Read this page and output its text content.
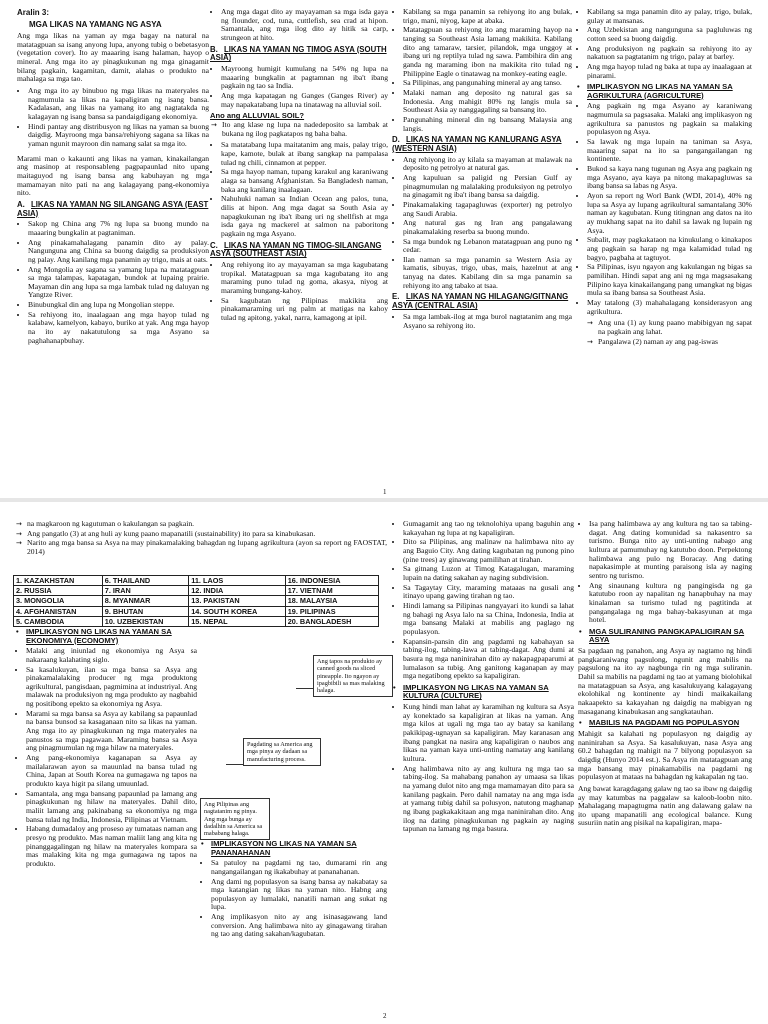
Aralin 3:
MGA LIKAS NA YAMANG NG ASYA

Ang mga likas na yaman ay mga bagay na natural na matatagpuan sa isang anyong lupa, anyong tubig o bebetasyon (vegetation cover). Ito ay maaaring isang halaman, hayop o mineral. Ang mga ito ay pinagkukunan ng mga ginagamit bilang pagkain, kagamitan, damit, alahas o produkto na mahalaga sa mga tao.

• Ang mga ito ay binubuo ng mga likas na materyales na nagmumula sa likas na kapaligiran ng isang bansa. Kadalasan, ang likas na yamang ito ang nagtatakda ng kalagayan ng isang bansa sa pandaigdigang ekonomiya.
• Hindi pantay ang distribusyon ng likas na yaman sa buong daigdig. Mayroong mga bansa/rehiyong sagana sa likas na yaman ngunit mayroon din namang salat sa mga ito.

Marami man o kakaunti ang likas na yaman, kinakailangan ang masinop at responsableng pagpapaunlad nito upang maitaguyod ng isang bansa ang kabuhayan ng mga mamamayan nito pati na ang kalagayang pang-ekonomiya nito.

A. LIKAS NA YAMAN NG SILANGANG ASYA (EAST ASIA)
• Sakop ng China ang 7% ng lupa sa buong mundo na maaaring bungkalin at pagtaniman.
• Ang pinakamahalagang panamin dito ay palay. Nangunguna ang China sa buong daigdig sa produksiyon ng palay. Ang kanilang mga panamin ay trigo, mais at oats.
• Ang Mongolia ay sagana sa yamang lupa na matatagpuan sa mga talampas, kapatagan, bundok at lupaing prairie. Mayaman din ang lupa sa mga lambak tulad ng daluyan ng Yangtze River.
• Binubungkal din ang lupa ng Mongolian steppe.
• Sa rehiyong ito, inaalagaan ang mga hayop tulad ng kalabaw, kamelyon, kabayo, buriko at yak. Ang mga hayop na ito ay nakatutulong sa mga Asyano sa paghahanapbuhay.
• Ang mga dagat dito ay mayayaman sa mga isda gaya ng flounder, cod, tuna, cuttlefish, sea crad at hipon. Samantala, ang mga ilog dito ay hitik sa carp, strungeon at hito.
B. LIKAS NA YAMAN NG TIMOG ASYA (SOUTH ASIA)
• Mayroong humigit kumulang na 54% ng lupa na maaaring bungkalin at pagtamnan ng iba't ibang pagkain ng tao sa India.
• Ang mga kapatagan ng Ganges (Ganges River) ay may napakatabang lupa na tinatawag na alluvial soil.
Ano ang ALLUVIAL SOIL?
→ Ito ang klase ng lupa na nadedeposito sa lambak at bukana ng ilog pagkatapos ng baha baha.
• Sa matatabang lupa maitatanim ang mais, palay trigo, kape, kamote, bulak at ibang sangkap na pampalasa tulad ng chili, cinnamon at pepper.
• Sa mga hayop naman, tupang karakul ang karaniwang alaga sa bansang Afghanistan. Sa Bangladesh naman, baka ang kanilang inaalagaan.
• Nahuhuki naman sa Indian Ocean ang palos, tuna, dilis at hipon. Ang mga dagat sa South Asia ay napagkukunan ng iba't ibang uri ng shellfish at mga isda gaya ng mackerel at salmon na paboritong pagkain ng mga Asyano.
C. LIKAS NA YAMAN NG TIMOG-SILANGANG ASYA (SOUTHEAST ASIA)
• Ang rehiyong ito ay mayayaman sa mga kagubatang tropikal. Matatagpuan sa mga kagubatang ito ang maraming puno tulad ng goma, akasya, niyog at maraming bungang-kahoy.
• Sa kagubatan ng Pilipinas makikita ang pinakamaraming uri ng palm at matigas na kahoy tulad ng apitong, yakal, narra, kamagong at ipil.
• Kabilang sa mga panamin sa rehiyong ito ang bulak, trigo, mani, niyog, kape at abaka.
• Matatagpuan sa rehiyong ito ang maraming hayop na tanging sa Southeast Asia lamang makikita. Kabilang dito ang tamaraw, tarsier, pilandok, mga unggoy at ibang uri ng reptilya tulad ng sawa. Pambihira din ang ganda ng maraming ibon na makikita rito tulad ng Philippine Eagle o tinatawag na monkey-eating eagle.
• Sa Pilipinas, ang pangunahing mineral ay ang tanso.
• Malaki naman ang deposito ng natural gas sa Indonesia. Ang mahigit 80% ng langis mula sa Southeast Asia ay nanggagaling sa bansang ito.
• Pangunahing mineral din ng bansang Malaysia ang langis.
D. LIKAS NA YAMAN NG KANLURANG ASYA (WESTERN ASIA)
• Ang rehiyong ito ay kilala sa mayaman at malawak na deposito ng petrolyo at natural gas.
• Ang kapuluan sa paligid ng Persian Gulf ay pinagmumulan ng malalaking produksiyon ng petrolyo na ginagamit ng iba't ibang bansa sa daigdig.
• Pinakamalaking tagapagluwas (exporter) ng petrolyo ang Saudi Arabia.
• Ang natural gas ng Iran ang pangalawang pinakamalaking reserba sa buong mundo.
• Sa mga bundok ng Lebanon matatagpuan ang puno ng cedar.
• Ilan naman sa mga panamin sa Western Asia ay kamatis, sibuyas, trigo, ubas, mais, hazelnut at ang tanyag na dates. Kabilang din sa mga panamin sa rehiyong ito ang tabako at tsaa.
E. LIKAS NA YAMAN NG HILAGANG/GITNANG ASYA (CENTRAL ASIA)
• Sa mga lambak-ilog at mga burol nagtatanim ang mga Asyano sa rehiyong ito.
• Kabilang sa mga panamin dito ay palay, trigo, bulak, gulay at mansanas.
• Ang Uzbekistan ang nangunguna sa pagluluwas ng cotton seed sa buong daigdig.
• Ang produksiyon ng pagkain sa rehiyong ito ay nakatuon sa pagtatanim ng trigo, palay at barley.
• Ang mga hayop tulad ng baka at tupa ay inaalagaan at pinarami.
• IMPLIKASYON NG LIKAS NA YAMAN SA AGRIKULTURA (AGRICULTURE)
• Ang pagkain ng mga Asyano ay karaniwang nagmumula sa pagsasaka. Malaki ang implikasyon ng agrikultura sa panustos ng pagkain sa malaking populasyon ng Asya.
• Sa lawak ng mga lupain na taniman sa Asya, maaaring sapat na ito sa pangangailangan ng kontinente.
• Bukod sa kaya nang tugunan ng Asya ang pagkain ng mga Asyano, aya kaya pa nitong makapagluwas sa ibang bansa sa labas ng Asya.
• Ayon sa report ng Worl Bank (WDI, 2014), 40% ng lupa sa Asya ay lupang agrikultural samantalang 30% naman ay kagubatan. Kung titingnan ang datos na ito ay mukhang sapat na ito dahil sa lawak ng lupain ng Asya.
• Subalit, may pagkakataon na kinukulang o kinakapos ang pagkain sa harap ng mga kalamidad tulad ng bagyo, pagbaha at tagtuyot.
• Sa Pilipinas, isyu ngayon ang kakulangan ng bigas sa pamilihan. Hindi sapat ang ani ng mga magsasakang Pilipino kaya kinakailangang pang umangkat ng bigas mula sa ibang bansa sa Southeast Asia.
• May tatalong (3) mahahalagang konsiderasyon ang agrikultura.
→ Ang una (1) ay kung paano mabibigyan ng sapat na pagkain ang lahat.
→ Pangalawa (2) naman ay ang pag-iswas
1
→ na magkaroon ng kagutuman o kakulangan sa pagkain.
→ Ang pangatlo (3) at ang huli ay kung paano mapanatili (sustainability) ito para sa kinabukasan.
→ Narito ang mga bansa sa Asya na may pinakamalaking bahagdan ng lupang agrikultura (ayon sa report ng FAOSTAT, 2014)
1. KAZAKHSTAN	6. THAILAND	11. LAOS	16. INDONESIA
2. RUSSIA	7. IRAN	12. INDIA	17. VIETNAM
3. MONGOLIA	8. MYANMAR	13. PAKISTAN	18. MALAYSIA
4. AFGHANISTAN	9. BHUTAN	14. SOUTH KOREA	19. PILIPINAS
5. CAMBODIA	10. UZBEKISTAN	15. NEPAL	20. BANGLADESH
• IMPLIKASYON NG LIKAS NA YAMAN SA EKONOMIYA (ECONOMY)
• Malaki ang iniunlad ng ekonomiya ng Asya sa nakaraang kalahating siglo.
• Sa kasalukuyan, ilan sa mga bansa sa Asya ang pinakamalalaking producer ng mga produktong agrikultural, pangisdaan, pagmimina at industriyal. Ang malawak na produksiyon ng mga produkto ay nagbahid ng positibong epekto sa ekonomiya ng Asya.
• Marami sa mga bansa sa Asya ay kabilang sa papaunlad na bansa bunsod sa kasaganaan nito sa likas na yaman. Ang mga ito ay pinagkukunan ng mga materyales na panustos sa mga pagawaan. Maraming bansa sa Asya ang pinagmumulan ng mga hilaw na materyales.
• Ang pang-ekonomiya kaganapan sa Asya ay mailalarawan ayon sa mauunlad na bansa tulad ng China, Japan at South Korea na gumagawa ng tapos na produkto kaya higit pa silang umuunlad.
• Samantala, ang mga bansang papaunlad pa lamang ang pinagkukunan ng hilaw na materyales. Dahil dito, maliit lamang ang pakinabang sa ekonomiya ng mga bansa tulad ng India, Indonesia, Pilipinas at Vietnam.
• Habang dumadaloy ang proseso ay tumataas naman ang presyo ng produkto. Mas naman maliit lang ang kita ng pinanggagalingan ng hilaw na materyales kompara sa mas malaking kita ng mga gumagawa ng tapos na produkto.
Ang tapos na produkto ay canned goods na sliced pineapple. Ito ngayon ay ipagbibili sa mas malaking halaga.
Pagdating sa America ang mga pinya ay dadaan sa manufacturing process.
Ang Pilipinas ang nagtatanim ng pinya. Ang mga bunga ay dadalhin sa America sa mababang halaga.
• IMPLIKASYON NG LIKAS NA YAMAN SA PANANAHANAN
• Sa patuloy na pagdami ng tao, dumarami rin ang nangangailangan ng ikakabuhay at pananahanan.
• Ang dami ng populasyon sa isang bansa ay nakabatay sa mga katangian ng likas na yaman nito. Habng ang populasyon ay lumalaki, nanatili naman ang sukat ng lupa.
• Ang implikasyon nito ay ang isinasagawang land conversion. Ang halimbawa nito ay ginagawang tirahan ng tao ang dating sakahan/kagubatan.
• Gumagamit ang tao ng teknolohiya upang baguhin ang kakayahan ng lupa at ng kapaligiran.
• Dito sa Pilipinas, ang malinaw na halimbawa nito ay ang Baguio City. Ang dating kagubatan ng punong pino (pine trees) ay ginawang pamilihan at tirahan.
• Sa gitnang Luzon at Timog Katagalugan, maraming lupain na dating sakahan ay naging subdivision.
• Sa Tagaytay City, maraming mataaas na gusali ang itinayo upang gawing tirahan ng tao.
• Hindi lamang sa Pilipinas nangyayari ito kundi sa lahat ng bahagi ng Asya lalo na sa China, Indonesia, India at mga bansang Malaki at mabilis ang paglago ng populasyon.
• Kapansin-pansin din ang pagdami ng kabahayan sa tabing-ilog, tabing-lawa at tabing-dagat. Ang dumi at basura ng mga naninirahan dito ay nakapagpaparumi at lumalason sa tubig. Ang ganitong kaganapan ay may mga negatibong epekto sa kapaligiran.
• IMPLIKASYON NG LIKAS NA YAMAN SA KULTURA (CULTURE)
• Kung hindi man lahat ay karamihan ng kultura sa Asya ay konektado sa kapaligiran at likas na yaman. Ang mga kilos at ugali ng mga tao ay batay sa kanilang pakikipag-ugnayan sa kapaligiran. May karanasan ang ibang pangkat na nasira ang kapaligiran o naubos ang likas na yaman kaya unti-unting namatay ang kanilang kultura.
• Ang halimbawa nito ay ang kultura ng mga tao sa tabing-ilog. Sa mahabang panahon ay umaasa sa likas na yamang dulot nito ang mga mamamayan dito para sa kanilang pagkain. Pero dahil namatay na ang mga isda at yamang tubig dahil sa polusyon, natutong maghanap ng ibang pagkakakitaan ang mga naninirahan dito. Ang ilog na dating pinagkukunan ng pagkain ay naging tapunan na lamang ng mga basura.
• Isa pang halimbawa ay ang kultura ng tao sa tabing-dagat. Ang dating komunidad sa nakasentro sa turismo. Bunga nito ay unti-unting nabago ang kultura at pamumuhay ng katutubo doon. Perpektong halimbawa ang pulo ng Boracay. Ang dating napakasimple at munting paraisong isla ay naging sentro ng turismo.
• Ang sinaunang kultura ng pangingisda ng ga katutubo roon ay napalitan ng hanapbuhay na may kinalaman sa turismo tulad ng pagtitinda at pangangalaga ng mga bahay-bakasyunan at mga hotel.
• MGA SULIRANING PANGKAPALIGIRAN SA ASYA

Sa pagdaan ng panahon, ang Asya ay nagtamo ng hindi pangkaraniwang pagsulong, ngunit ang mabilis na pagsulong na ito ay nagbunga rin ng mga suliranin. Dahil sa mabilis na pagdami ng tao at yamang biolohikal na matatagpuan sa Asya, ang kasalukuyang kalagayang ekolohikal ng kontinente ay hindi maikakailang nakaapekto sa kakayahan ng daigdig na mabigyan ng masaganang kinabukasan ang sangkatauhan.

• MABILIS NA PAGDAMI NG POPULASYON

Mahigit sa kalahati ng populasyon ng daigdig ay naninirahan sa Asya. Sa kasalukuyan, nasa Asya ang 60.2 bahagdan ng mahigit na 7 bilyong populasyon sa daigdig (Hunyo 2014 est.). Sa Asya rin matatagpuan ang mga bansang may pinakamabilis na pagdami ng populasyon at mataas na bahagdan ng kakapalan ng tao.

Ang bawat karagdagang galaw ng tao sa ibaw ng daigdig ay may katumbas na paggalaw sa kaloob-loobn nito. Mahalagang mapagtugma natin ang dalawang galaw na ito upang mapanatili ang ecological balance. Kung susuriin natin ang pisikal na kapaligiran, mapa-

2
